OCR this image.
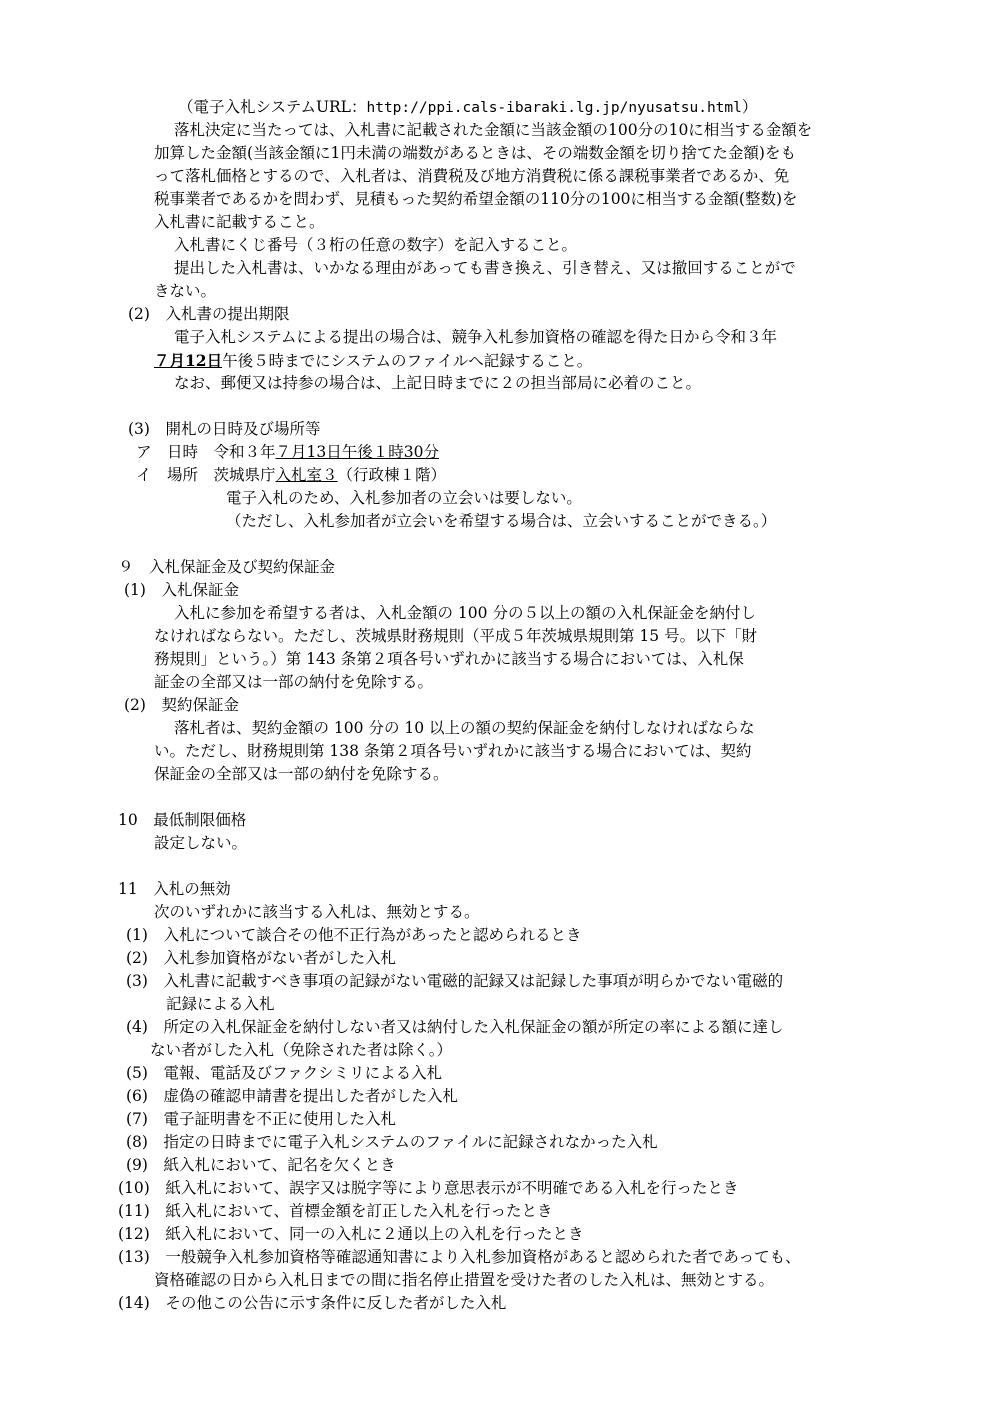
（電子入札システムURL：http://ppi.cals-ibaraki.lg.jp/nyusatsu.html）
落札決定に当たっては、入札書に記載された金額に当該金額の100分の10に相当する金額を
加算した金額(当該金額に1円未満の端数があるときは、その端数金額を切り捨てた金額)をも
って落札価格とするので、入札者は、消費税及び地方消費税に係る課税事業者であるか、免
税事業者であるかを問わず、見積もった契約希望金額の110分の100に相当する金額(整数)を
入札書に記載すること。
入札書にくじ番号（３桁の任意の数字）を記入すること。
提出した入札書は、いかなる理由があっても書き換え、引き替え、又は撤回することがで
きない。
(2)　入札書の提出期限
電子入札システムによる提出の場合は、競争入札参加資格の確認を得た日から令和３年
７月12日午後５時までにシステムのファイルへ記録すること。
なお、郵便又は持参の場合は、上記日時までに２の担当部局に必着のこと。
(3)　開札の日時及び場所等
ア　日時　令和３年７月13日午後１時30分
イ　場所　茨城県庁入札室３（行政棟１階）
電子入札のため、入札参加者の立会いは要しない。
（ただし、入札参加者が立会いを希望する場合は、立会いすることができる。）
９　入札保証金及び契約保証金
(1)　入札保証金
入札に参加を希望する者は、入札金額の 100 分の５以上の額の入札保証金を納付し
なければならない。ただし、茨城県財務規則（平成５年茨城県規則第 15 号。以下「財
務規則」という。）第 143 条第２項各号いずれかに該当する場合においては、入札保
証金の全部又は一部の納付を免除する。
(2)　契約保証金
落札者は、契約金額の 100 分の 10 以上の額の契約保証金を納付しなければならな
い。ただし、財務規則第 138 条第２項各号いずれかに該当する場合においては、契約
保証金の全部又は一部の納付を免除する。
10　最低制限価格
設定しない。
11　入札の無効
次のいずれかに該当する入札は、無効とする。
(1)　入札について談合その他不正行為があったと認められるとき
(2)　入札参加資格がない者がした入札
(3)　入札書に記載すべき事項の記録がない電磁的記録又は記録した事項が明らかでない電磁的
記録による入札
(4)　所定の入札保証金を納付しない者又は納付した入札保証金の額が所定の率による額に達し
ない者がした入札（免除された者は除く。）
(5)　電報、電話及びファクシミリによる入札
(6)　虚偽の確認申請書を提出した者がした入札
(7)　電子証明書を不正に使用した入札
(8)　指定の日時までに電子入札システムのファイルに記録されなかった入札
(9)　紙入札において、記名を欠くとき
(10)　紙入札において、誤字又は脱字等により意思表示が不明確である入札を行ったとき
(11)　紙入札において、首標金額を訂正した入札を行ったとき
(12)　紙入札において、同一の入札に２通以上の入札を行ったとき
(13)　一般競争入札参加資格等確認通知書により入札参加資格があると認められた者であっても、
資格確認の日から入札日までの間に指名停止措置を受けた者のした入札は、無効とする。
(14)　その他この公告に示す条件に反した者がした入札
